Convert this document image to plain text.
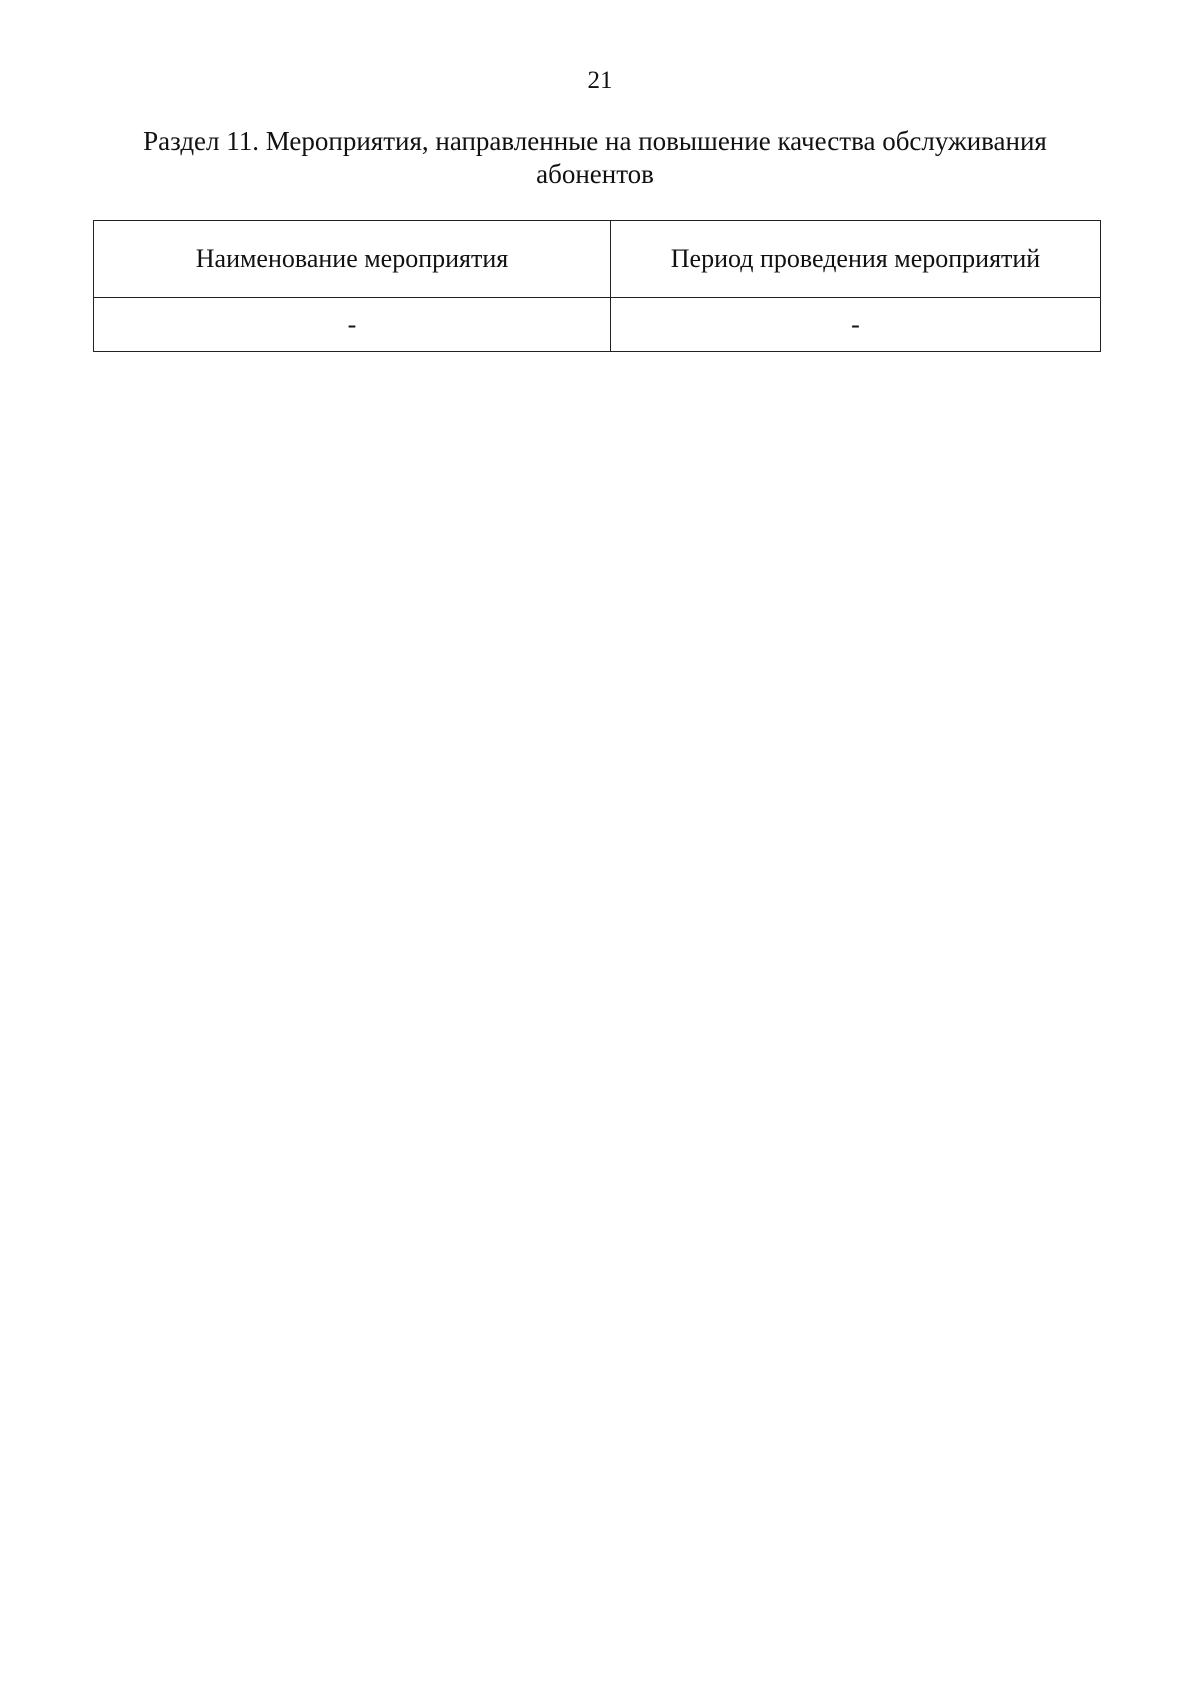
21
Раздел 11. Мероприятия, направленные на повышение качества обслуживания
абонентов
Наименование мероприятия	Период проведения мероприятий
-	-
